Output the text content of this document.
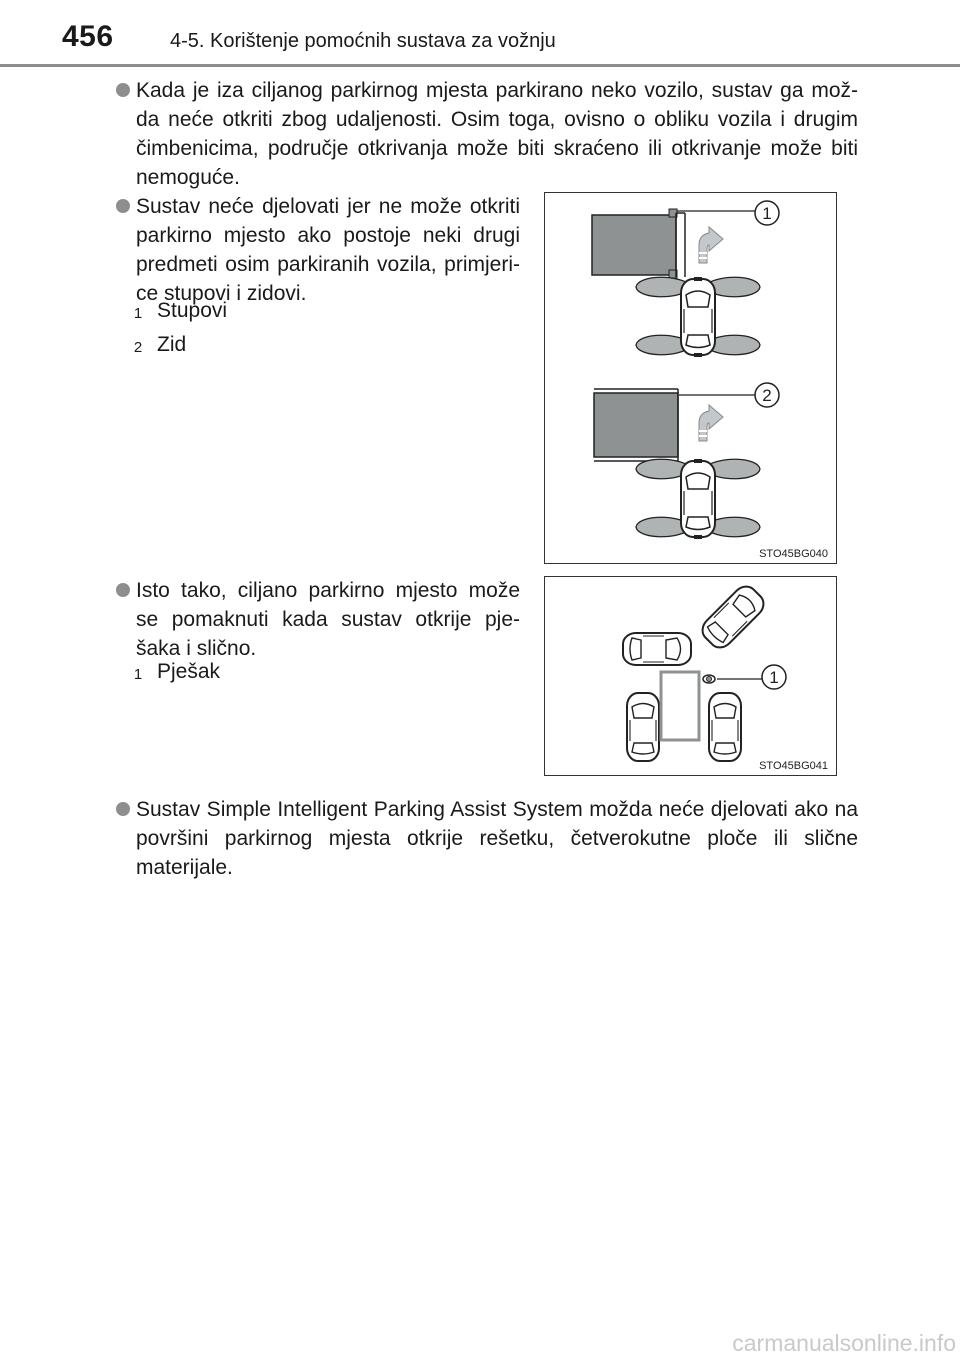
456	4-5. Korištenje pomoćnih sustava za vožnju
Kada je iza ciljanog parkirnog mjesta parkirano neko vozilo, sustav ga mož-da neće otkriti zbog udaljenosti. Osim toga, ovisno o obliku vozila i drugim čimbenicima, područje otkrivanja može biti skraćeno ili otkrivanje može biti nemoguće.
Sustav neće djelovati jer ne može otkriti parkirno mjesto ako postoje neki drugi predmeti osim parkiranih vozila, primjeri-ce stupovi i zidovi.
1 Stupovi
2 Zid
1
2
STO45BG040
Isto tako, ciljano parkirno mjesto može se pomaknuti kada sustav otkrije pje-šaka i slično.
1 Pješak	1
STO45BG041
Sustav Simple Intelligent Parking Assist System možda neće djelovati ako na površini parkirnog mjesta otkrije rešetku, četverokutne ploče ili slične materijale.
carmanualsonline.info
